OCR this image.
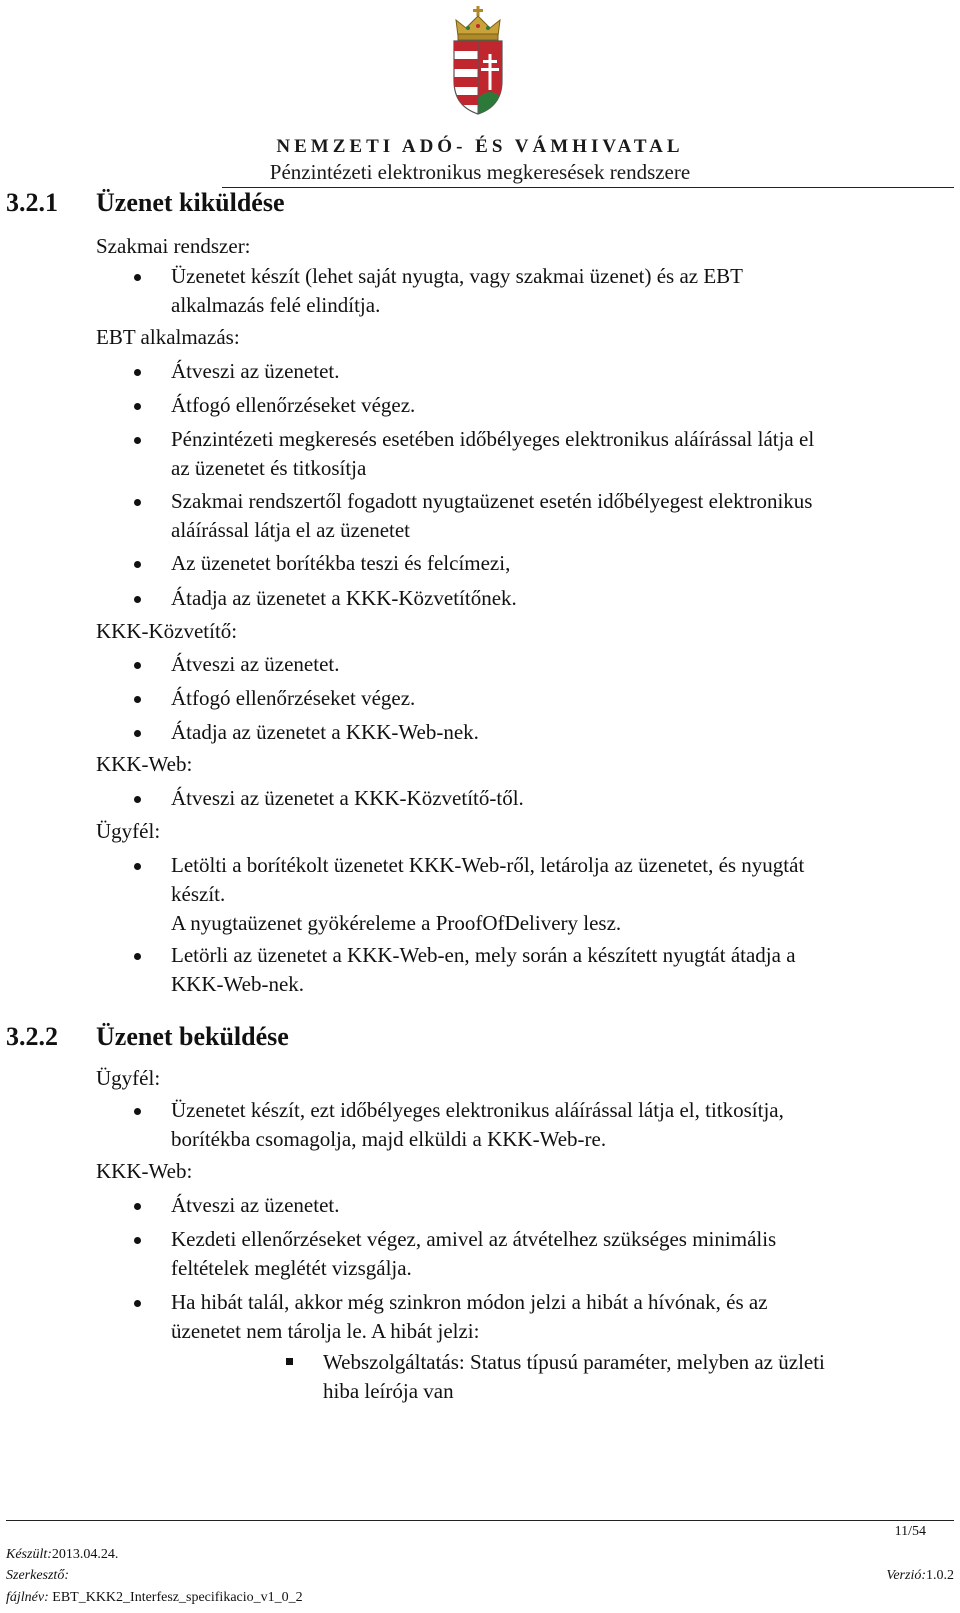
NEMZETI ADÓ- ÉS VÁMHIVATAL
Pénzintézeti elektronikus megkeresések rendszere
3.2.1 Üzenet kiküldése
Szakmai rendszer:
Üzenetet készít (lehet saját nyugta, vagy szakmai üzenet) és az EBT
alkalmazás felé elindítja.
EBT alkalmazás:
Átveszi az üzenetet.
Átfogó ellenőrzéseket végez.
Pénzintézeti megkeresés esetében időbélyeges elektronikus aláírással látja el
az üzenetet és titkosítja
Szakmai rendszertől fogadott nyugtaüzenet esetén időbélyegest elektronikus
aláírással látja el az üzenetet
Az üzenetet borítékba teszi és felcímezi,
Átadja az üzenetet a KKK-Közvetítőnek.
KKK-Közvetítő:
Átveszi az üzenetet.
Átfogó ellenőrzéseket végez.
Átadja az üzenetet a KKK-Web-nek.
KKK-Web:
Átveszi az üzenetet a KKK-Közvetítő-től.
Ügyfél:
Letölti a borítékolt üzenetet KKK-Web-ről, letárolja az üzenetet, és nyugtát
készít.
A nyugtaüzenet gyökéreleme a ProofOfDelivery lesz.
Letörli az üzenetet a KKK-Web-en, mely során a készített nyugtát átadja a
KKK-Web-nek.
3.2.2 Üzenet beküldése
Ügyfél:
Üzenetet készít, ezt időbélyeges elektronikus aláírással látja el, titkosítja,
borítékba csomagolja, majd elküldi a KKK-Web-re.
KKK-Web:
Átveszi az üzenetet.
Kezdeti ellenőrzéseket végez, amivel az átvételhez szükséges minimális
feltételek meglétét vizsgálja.
Ha hibát talál, akkor még szinkron módon jelzi a hibát a hívónak, és az
üzenetet nem tárolja le. A hibát jelzi:
Webszolgáltatás: Status típusú paraméter, melyben az üzleti
hiba leírója van
11/54
Készült:2013.04.24.
Szerkesztő:	Verzió:1.0.2
fájlnév: EBT_KKK2_Interfesz_specifikacio_v1_0_2
